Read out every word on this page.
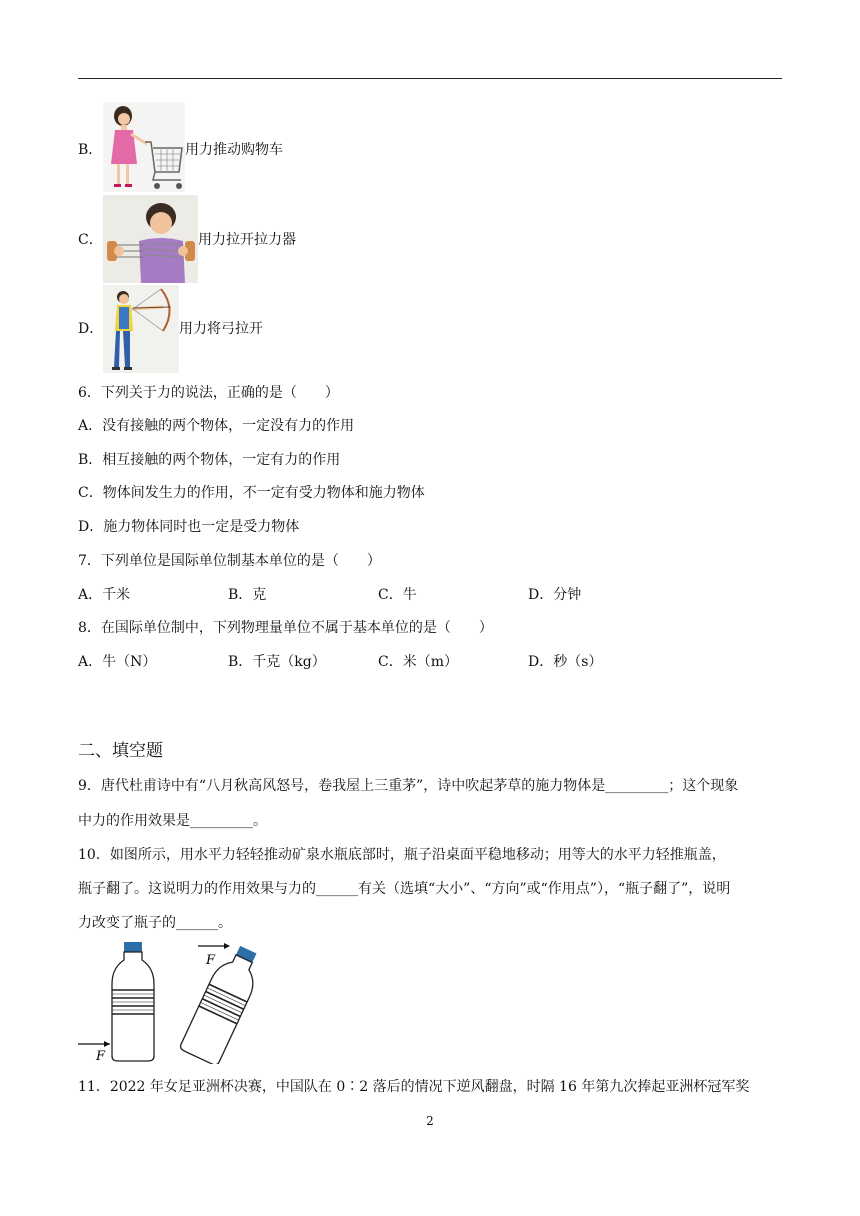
B．	用力推动购物车
C．	用力拉开拉力器
D．	用力将弓拉开
6．下列关于力的说法，正确的是（　　）
A．没有接触的两个物体，一定没有力的作用
B．相互接触的两个物体，一定有力的作用
C．物体间发生力的作用，不一定有受力物体和施力物体
D．施力物体同时也一定是受力物体
7．下列单位是国际单位制基本单位的是（　　）
A．千米	B．克	C．牛	D．分钟
8．在国际单位制中，下列物理量单位不属于基本单位的是（　　）
A．牛（N）	B．千克（kg）	C．米（m）	D．秒（s）
二、填空题
9．唐代杜甫诗中有“八月秋高风怒号，卷我屋上三重茅”，诗中吹起茅草的施力物体是_________；这个现象
中力的作用效果是_________。
10．如图所示，用水平力轻轻推动矿泉水瓶底部时，瓶子沿桌面平稳地移动；用等大的水平力轻推瓶盖，
瓶子翻了。这说明力的作用效果与力的______有关（选填“大小”、“方向”或“作用点”），“瓶子翻了”，说明
力改变了瓶子的______。
F
F
11．2022 年女足亚洲杯决赛，中国队在 0∶2 落后的情况下逆风翻盘，时隔 16 年第九次捧起亚洲杯冠军奖
2
